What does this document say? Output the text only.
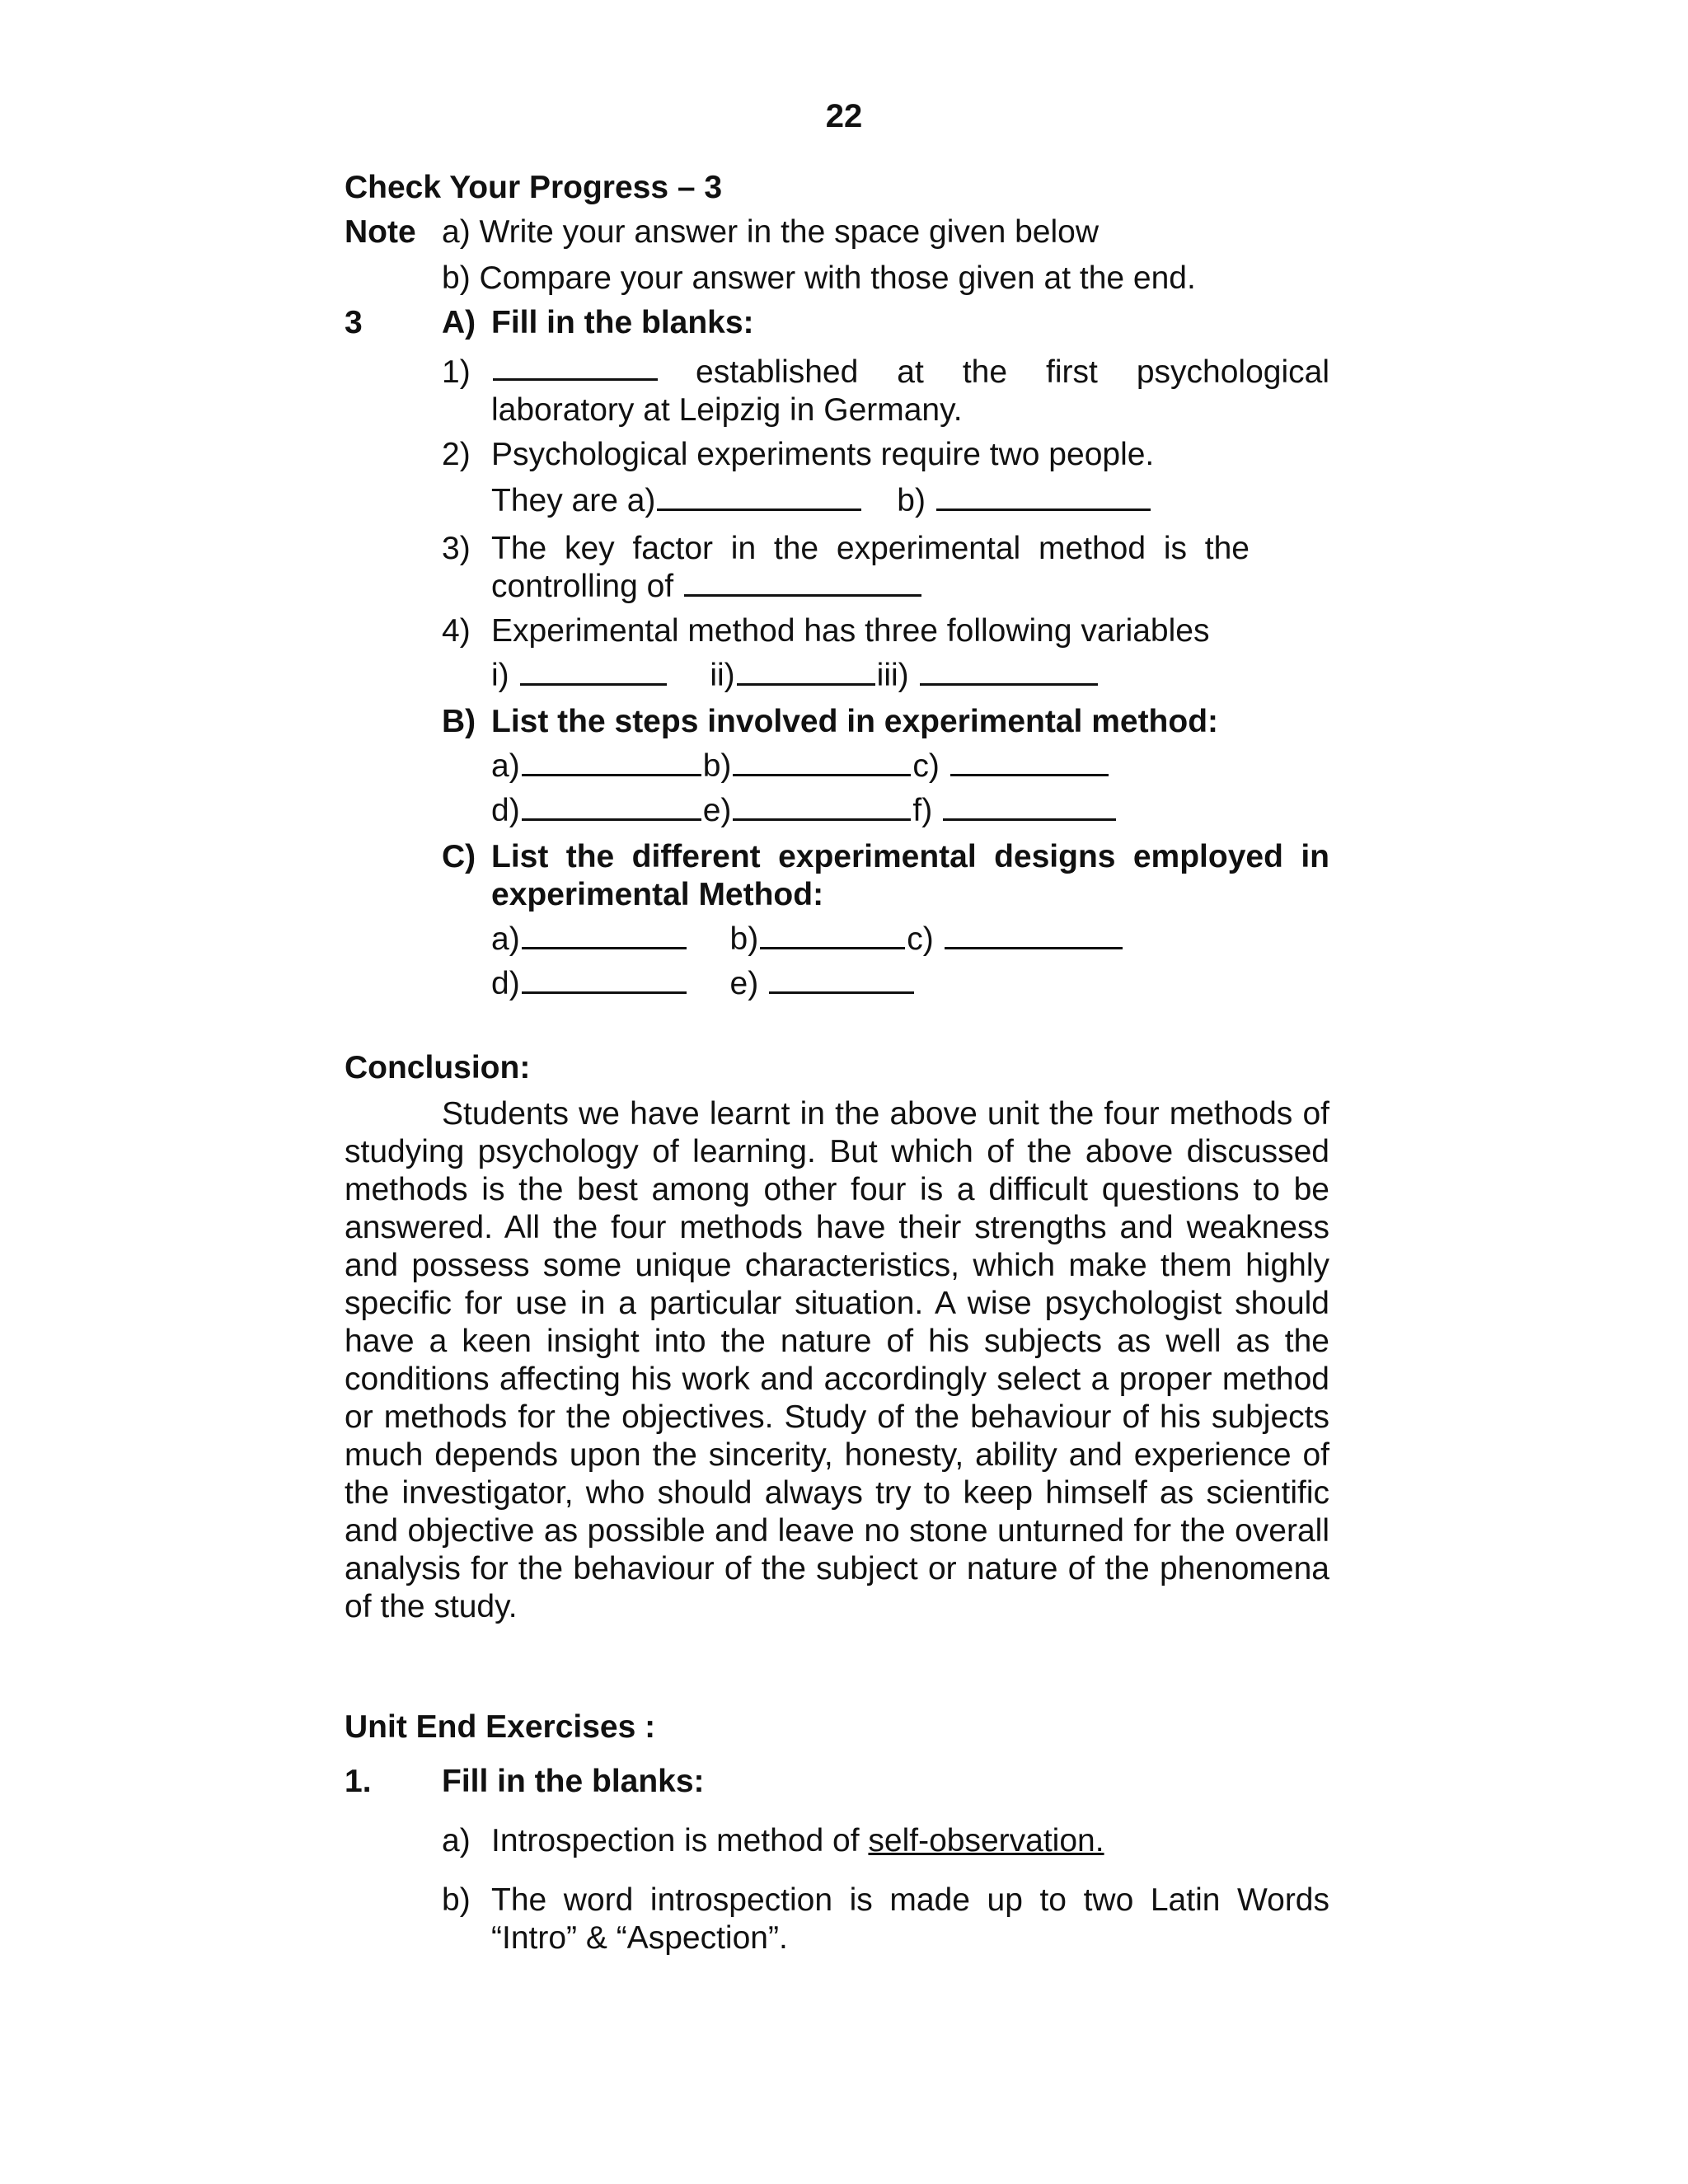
22
Check Your Progress – 3
Note a) Write your answer in the space given below
b) Compare your answer with those given at the end.
3	A) Fill in the blanks:
1)	established at the first psychological
laboratory at Leipzig in Germany.
2) Psychological experiments require two people.
They are a)	b)
3) The key factor in the experimental method is the
controlling of
4) Experimental method has three following variables
i)	ii)	iii)
B) List the steps involved in experimental method:
a)	b)	c)
d)	e)	f)
C) List the different experimental designs employed in
experimental Method:
a)	b)	c)
d)	e)
Conclusion:

Students we have learnt in the above unit the four methods of studying psychology of learning. But which of the above discussed methods is the best among other four is a difficult questions to be answered. All the four methods have their strengths and weakness and possess some unique characteristics, which make them highly specific for use in a particular situation. A wise psychologist should have a keen insight into the nature of his subjects as well as the conditions affecting his work and accordingly select a proper method or methods for the objectives. Study of the behaviour of his subjects much depends upon the sincerity, honesty, ability and experience of the investigator, who should always try to keep himself as scientific and objective as possible and leave no stone unturned for the overall analysis for the behaviour of the subject or nature of the phenomena of the study.

Unit End Exercises :
1.	Fill in the blanks:
a) Introspection is method of self-observation.
b) The word introspection is made up to two Latin Words
“Intro” & “Aspection”.
